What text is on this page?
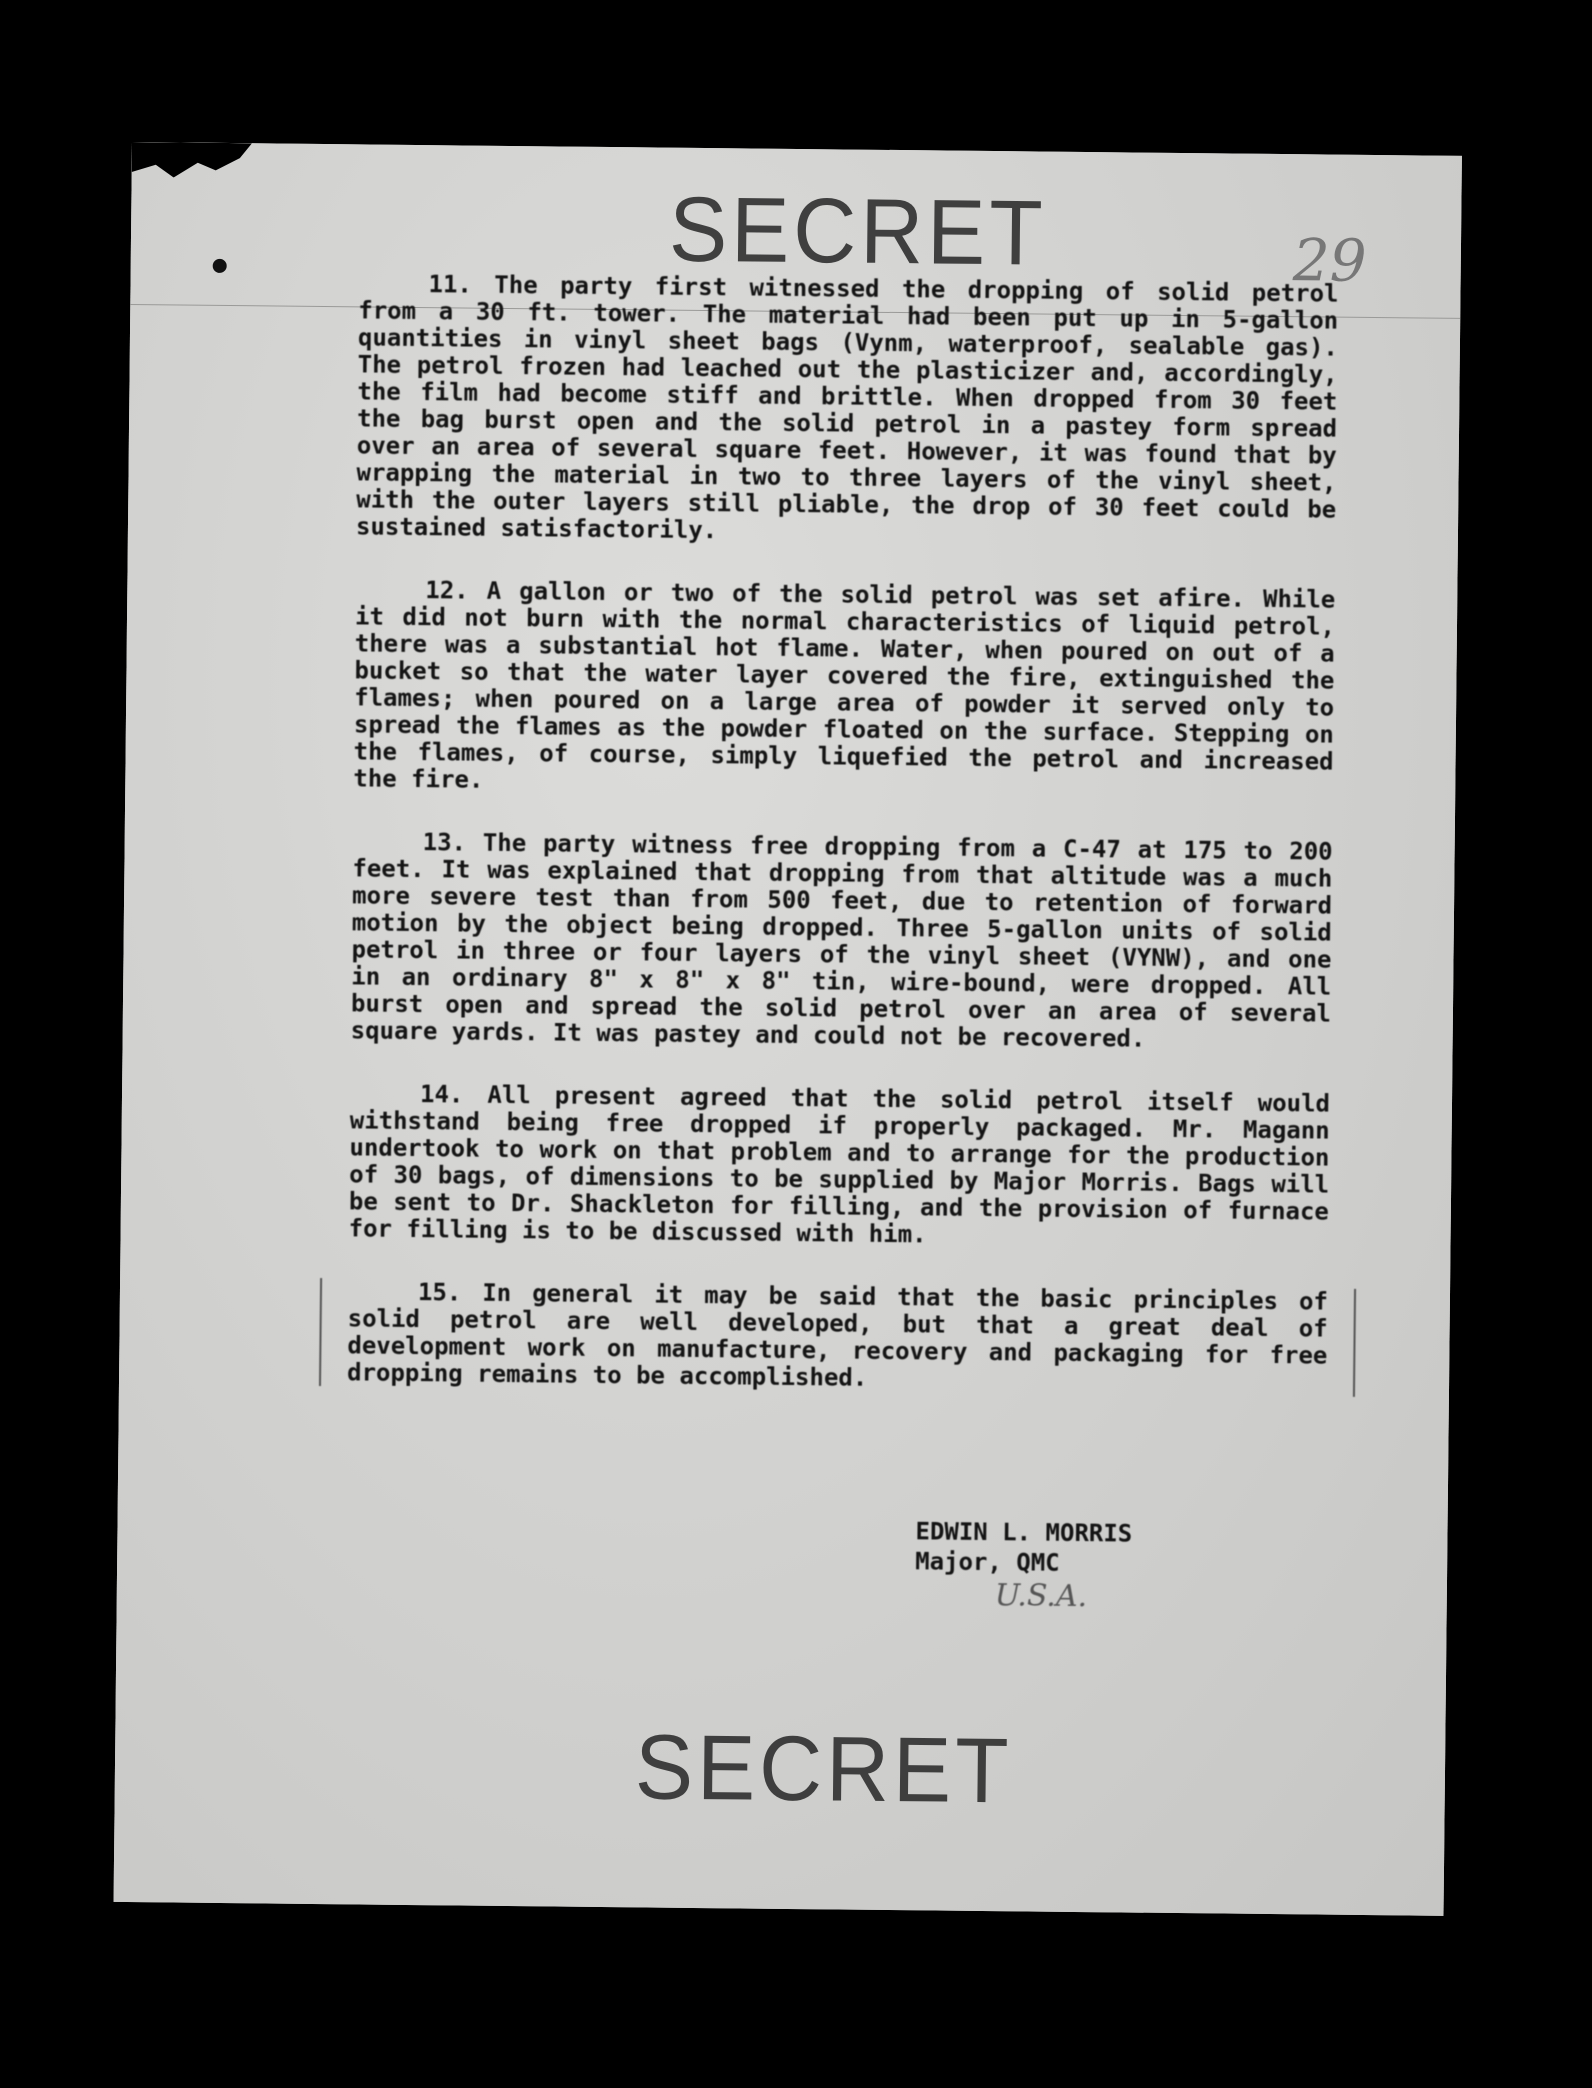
SECRET	29

11. The party first witnessed the dropping of solid petrol from a 30 ft. tower. The material had been put up in 5-gallon quantities in vinyl sheet bags (Vynm, waterproof, sealable gas). The petrol frozen had leached out the plasticizer and, accordingly, the film had become stiff and brittle. When dropped from 30 feet the bag burst open and the solid petrol in a pastey form spread over an area of several square feet. However, it was found that by wrapping the material in two to three layers of the vinyl sheet, with the outer layers still pliable, the drop of 30 feet could be sustained satisfactorily.

12. A gallon or two of the solid petrol was set afire. While it did not burn with the normal characteristics of liquid petrol, there was a substantial hot flame. Water, when poured on out of a bucket so that the water layer covered the fire, extinguished the flames; when poured on a large area of powder it served only to spread the flames as the powder floated on the surface. Stepping on the flames, of course, simply liquefied the petrol and increased the fire.

13. The party witness free dropping from a C-47 at 175 to 200 feet. It was explained that dropping from that altitude was a much more severe test than from 500 feet, due to retention of forward motion by the object being dropped. Three 5-gallon units of solid petrol in three or four layers of the vinyl sheet (VYNW), and one in an ordinary 8" x 8" x 8" tin, wire-bound, were dropped. All burst open and spread the solid petrol over an area of several square yards. It was pastey and could not be recovered.

14. All present agreed that the solid petrol itself would withstand being free dropped if properly packaged. Mr. Magann undertook to work on that problem and to arrange for the production of 30 bags, of dimensions to be supplied by Major Morris. Bags will be sent to Dr. Shackleton for filling, and the provision of furnace for filling is to be discussed with him.

15. In general it may be said that the basic principles of solid petrol are well developed, but that a great deal of development work on manufacture, recovery and packaging for free dropping remains to be accomplished.

EDWIN L. MORRIS
Major, QMC
U.S.A.
SECRET
